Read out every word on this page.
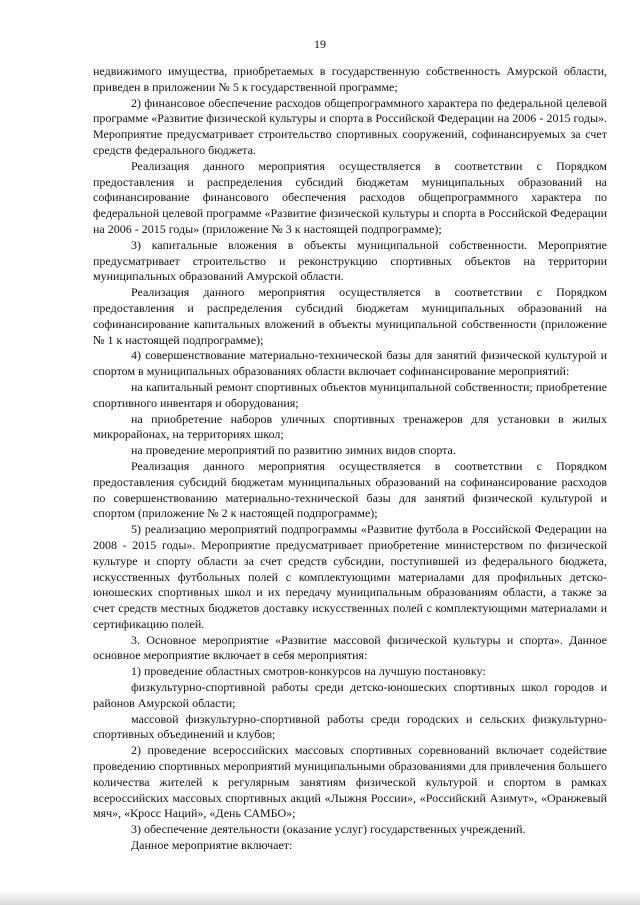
19

недвижимого имущества, приобретаемых в государственную собственность Амурской области, приведен в приложении № 5 к государственной программе;

2) финансовое обеспечение расходов общепрограммного характера по федеральной целевой программе «Развитие физической культуры и спорта в Российской Федерации на 2006 - 2015 годы». Мероприятие предусматривает строительство спортивных сооружений, софинансируемых за счет средств федерального бюджета.

Реализация данного мероприятия осуществляется в соответствии с Порядком предоставления и распределения субсидий бюджетам муниципальных образований на софинансирование финансового обеспечения расходов общепрограммного характера по федеральной целевой программе «Развитие физической культуры и спорта в Российской Федерации на 2006 - 2015 годы» (приложение № 3 к настоящей подпрограмме);

3) капитальные вложения в объекты муниципальной собственности. Мероприятие предусматривает строительство и реконструкцию спортивных объектов на территории муниципальных образований Амурской области.

Реализация данного мероприятия осуществляется в соответствии с Порядком предоставления и распределения субсидий бюджетам муниципальных образований на софинансирование капитальных вложений в объекты муниципальной собственности (приложение № 1 к настоящей подпрограмме);

4) совершенствование материально-технической базы для занятий физической культурой и спортом в муниципальных образованиях области включает софинансирование мероприятий:

на капитальный ремонт спортивных объектов муниципальной собственности; приобретение спортивного инвентаря и оборудования;

на приобретение наборов уличных спортивных тренажеров для установки в жилых микрорайонах, на территориях школ;

на проведение мероприятий по развитию зимних видов спорта.

Реализация данного мероприятия осуществляется в соответствии с Порядком предоставления субсидий бюджетам муниципальных образований на софинансирование расходов по совершенствованию материально-технической базы для занятий физической культурой и спортом (приложение № 2 к настоящей подпрограмме);

5) реализацию мероприятий подпрограммы «Развитие футбола в Российской Федерации на 2008 - 2015 годы». Мероприятие предусматривает приобретение министерством по физической культуре и спорту области за счет средств субсидии, поступившей из федерального бюджета, искусственных футбольных полей с комплектующими материалами для профильных детско-юношеских спортивных школ и их передачу муниципальным образованиям области, а также за счет средств местных бюджетов доставку искусственных полей с комплектующими материалами и сертификацию полей.

3. Основное мероприятие «Развитие массовой физической культуры и спорта». Данное основное мероприятие включает в себя мероприятия:

1) проведение областных смотров-конкурсов на лучшую постановку:

физкультурно-спортивной работы среди детско-юношеских спортивных школ городов и районов Амурской области;

массовой физкультурно-спортивной работы среди городских и сельских физкультурно-спортивных объединений и клубов;

2) проведение всероссийских массовых спортивных соревнований включает содействие проведению спортивных мероприятий муниципальными образованиями для привлечения большего количества жителей к регулярным занятиям физической культурой и спортом в рамках всероссийских массовых спортивных акций «Лыжня России», «Российский Азимут», «Оранжевый мяч», «Кросс Наций», «День САМБО»;

3) обеспечение деятельности (оказание услуг) государственных учреждений.

Данное мероприятие включает:
